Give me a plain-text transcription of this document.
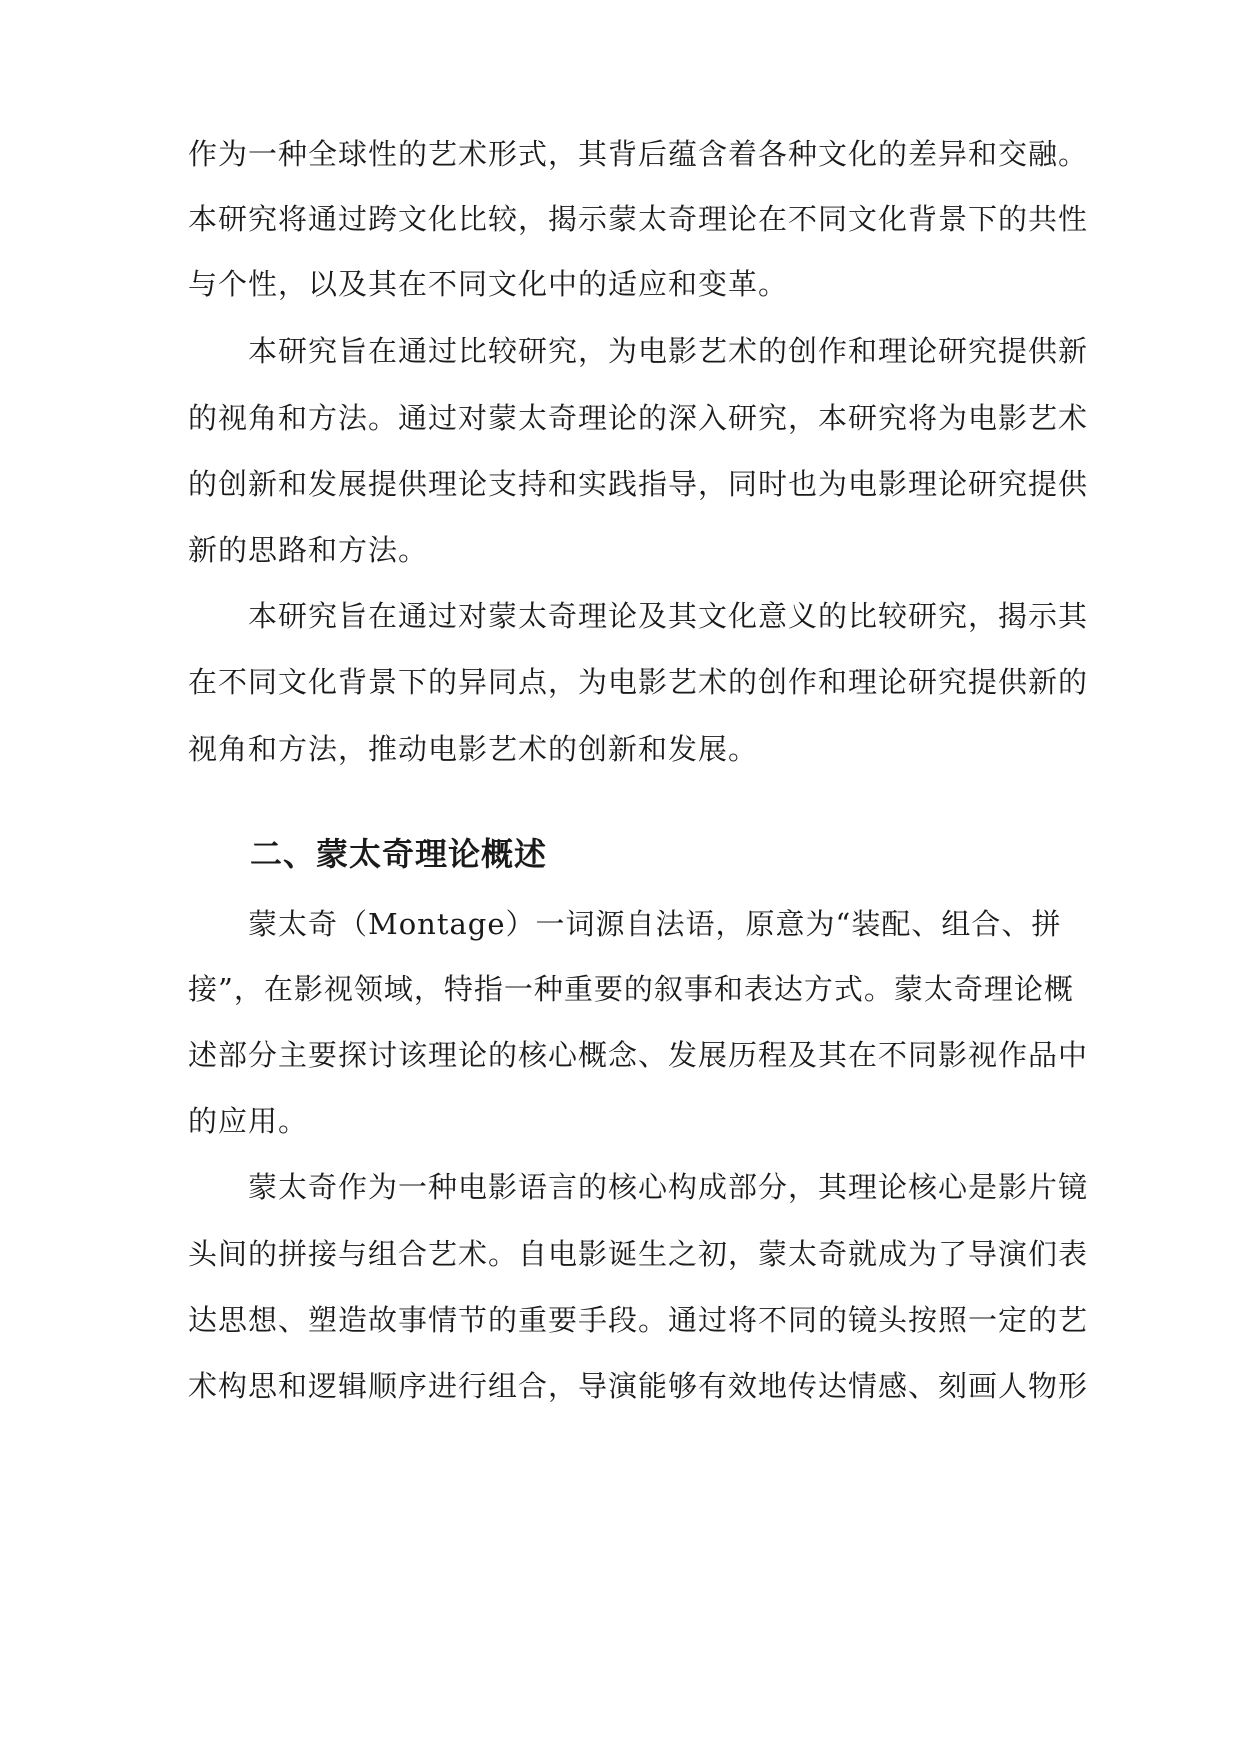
作为一种全球性的艺术形式，其背后蕴含着各种文化的差异和交融。
本研究将通过跨文化比较，揭示蒙太奇理论在不同文化背景下的共性
与个性，以及其在不同文化中的适应和变革。
本研究旨在通过比较研究，为电影艺术的创作和理论研究提供新
的视角和方法。通过对蒙太奇理论的深入研究，本研究将为电影艺术
的创新和发展提供理论支持和实践指导，同时也为电影理论研究提供
新的思路和方法。
本研究旨在通过对蒙太奇理论及其文化意义的比较研究，揭示其
在不同文化背景下的异同点，为电影艺术的创作和理论研究提供新的
视角和方法，推动电影艺术的创新和发展。
二、蒙太奇理论概述
蒙太奇（Montage）一词源自法语，原意为“装配、组合、拼
接”，在影视领域，特指一种重要的叙事和表达方式。蒙太奇理论概
述部分主要探讨该理论的核心概念、发展历程及其在不同影视作品中
的应用。
蒙太奇作为一种电影语言的核心构成部分，其理论核心是影片镜
头间的拼接与组合艺术。自电影诞生之初，蒙太奇就成为了导演们表
达思想、塑造故事情节的重要手段。通过将不同的镜头按照一定的艺
术构思和逻辑顺序进行组合，导演能够有效地传达情感、刻画人物形
